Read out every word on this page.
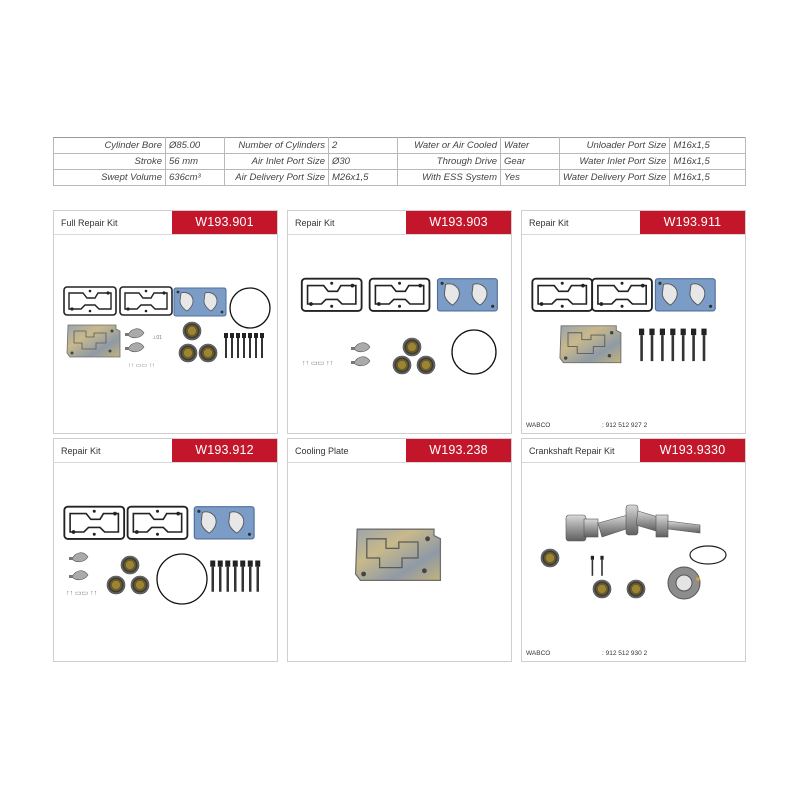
Cylinder Bore	Ø85.00	Number of Cylinders	2	Water or Air Cooled	Water	Unloader Port Size	M16x1,5
Stroke	56 mm	Air Inlet Port Size	Ø30	Through Drive	Gear	Water Inlet Port Size	M16x1,5
Swept Volume	636cm³	Air Delivery Port Size	M26x1,5	With ESS System	Yes	Water Delivery Port Size	M16x1,5
Full Repair Kit	W193.901
↑↑ ▭▭ ↑↑
⊥01
Repair Kit	W193.903
↑↑ ▭▭ ↑↑
Repair Kit	W193.911
WABCO	: 912 512 927 2
Repair Kit	W193.912
↑↑ ▭▭ ↑↑
Cooling Plate	W193.238	Crankshaft Repair Kit	W193.9330
WABCO	: 912 512 930 2
